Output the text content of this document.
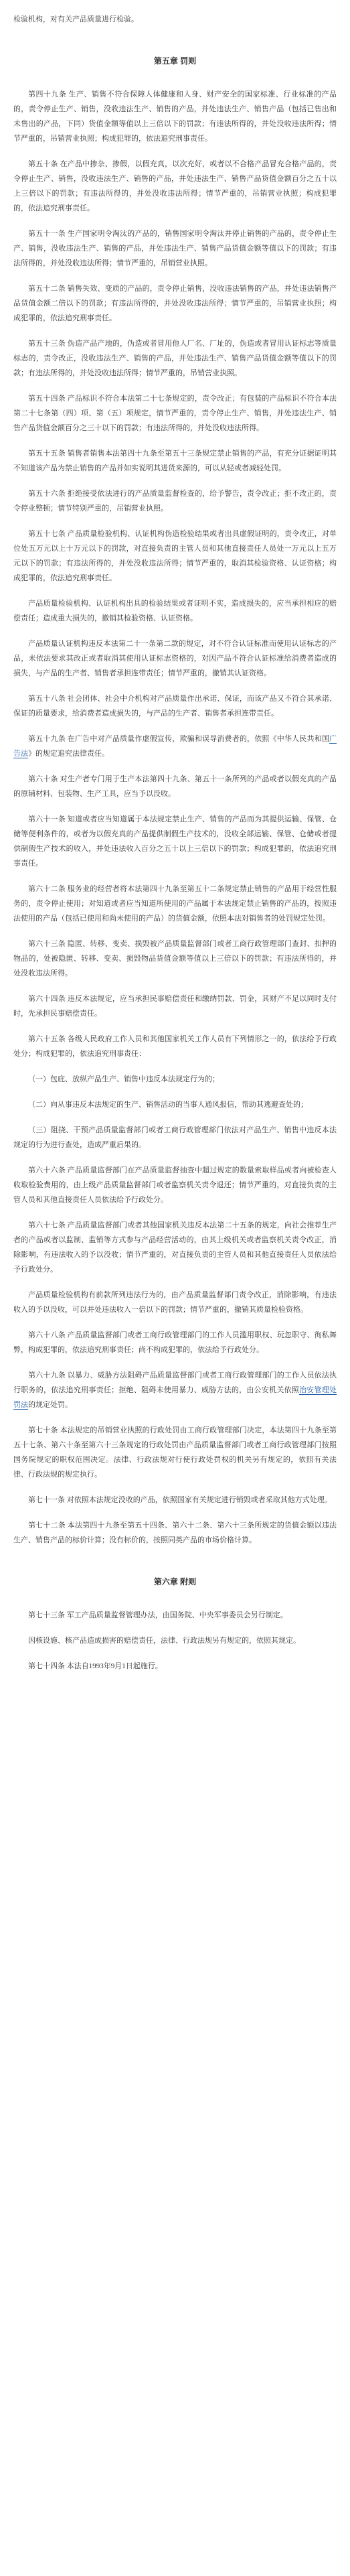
检验机构，对有关产品质量进行检验。

第五章 罚则

第四十九条 生产、销售不符合保障人体健康和人身、财产安全的国家标准、行业标准的产品的，责令停止生产、销售，没收违法生产、销售的产品，并处违法生产、销售产品（包括已售出和未售出的产品，下同）货值金额等值以上三倍以下的罚款；有违法所得的，并处没收违法所得；情节严重的，吊销营业执照；构成犯罪的，依法追究刑事责任。

第五十条 在产品中掺杂、掺假，以假充真，以次充好，或者以不合格产品冒充合格产品的，责令停止生产、销售，没收违法生产、销售的产品，并处违法生产、销售产品货值金额百分之五十以上三倍以下的罚款；有违法所得的，并处没收违法所得；情节严重的，吊销营业执照；构成犯罪的，依法追究刑事责任。

第五十一条 生产国家明令淘汰的产品的，销售国家明令淘汰并停止销售的产品的，责令停止生产、销售，没收违法生产、销售的产品，并处违法生产、销售产品货值金额等值以下的罚款；有违法所得的，并处没收违法所得；情节严重的，吊销营业执照。

第五十二条 销售失效、变质的产品的，责令停止销售，没收违法销售的产品，并处违法销售产品货值金额二倍以下的罚款；有违法所得的，并处没收违法所得；情节严重的，吊销营业执照；构成犯罪的，依法追究刑事责任。

第五十三条 伪造产品产地的，伪造或者冒用他人厂名、厂址的，伪造或者冒用认证标志等质量标志的，责令改正，没收违法生产、销售的产品，并处违法生产、销售产品货值金额等值以下的罚款；有违法所得的，并处没收违法所得；情节严重的，吊销营业执照。

第五十四条 产品标识不符合本法第二十七条规定的，责令改正；有包装的产品标识不符合本法第二十七条第（四）项、第（五）项规定，情节严重的，责令停止生产、销售，并处违法生产、销售产品货值金额百分之三十以下的罚款；有违法所得的，并处没收违法所得。

第五十五条 销售者销售本法第四十九条至第五十三条规定禁止销售的产品，有充分证据证明其不知道该产品为禁止销售的产品并如实说明其进货来源的，可以从轻或者减轻处罚。

第五十六条 拒绝接受依法进行的产品质量监督检查的，给予警告，责令改正；拒不改正的，责令停业整顿；情节特别严重的，吊销营业执照。

第五十七条 产品质量检验机构、认证机构伪造检验结果或者出具虚假证明的，责令改正，对单位处五万元以上十万元以下的罚款，对直接负责的主管人员和其他直接责任人员处一万元以上五万元以下的罚款；有违法所得的，并处没收违法所得；情节严重的，取消其检验资格、认证资格；构成犯罪的，依法追究刑事责任。

产品质量检验机构、认证机构出具的检验结果或者证明不实，造成损失的，应当承担相应的赔偿责任；造成重大损失的，撤销其检验资格、认证资格。

产品质量认证机构违反本法第二十一条第二款的规定，对不符合认证标准而使用认证标志的产品，未依法要求其改正或者取消其使用认证标志资格的，对因产品不符合认证标准给消费者造成的损失，与产品的生产者、销售者承担连带责任；情节严重的，撤销其认证资格。

第五十八条 社会团体、社会中介机构对产品质量作出承诺、保证，而该产品又不符合其承诺、保证的质量要求，给消费者造成损失的，与产品的生产者、销售者承担连带责任。

第五十九条 在广告中对产品质量作虚假宣传，欺骗和误导消费者的，依照《中华人民共和国广告法》的规定追究法律责任。

第六十条 对生产者专门用于生产本法第四十九条、第五十一条所列的产品或者以假充真的产品的原辅材料、包装物、生产工具，应当予以没收。

第六十一条 知道或者应当知道属于本法规定禁止生产、销售的产品而为其提供运输、保管、仓储等便利条件的，或者为以假充真的产品提供制假生产技术的，没收全部运输、保管、仓储或者提供制假生产技术的收入，并处违法收入百分之五十以上三倍以下的罚款；构成犯罪的，依法追究刑事责任。

第六十二条 服务业的经营者将本法第四十九条至第五十二条规定禁止销售的产品用于经营性服务的，责令停止使用；对知道或者应当知道所使用的产品属于本法规定禁止销售的产品的，按照违法使用的产品（包括已使用和尚未使用的产品）的货值金额，依照本法对销售者的处罚规定处罚。

第六十三条 隐匿、转移、变卖、损毁被产品质量监督部门或者工商行政管理部门查封、扣押的物品的，处被隐匿、转移、变卖、损毁物品货值金额等值以上三倍以下的罚款；有违法所得的，并处没收违法所得。

第六十四条 违反本法规定，应当承担民事赔偿责任和缴纳罚款、罚金，其财产不足以同时支付时，先承担民事赔偿责任。

第六十五条 各级人民政府工作人员和其他国家机关工作人员有下列情形之一的，依法给予行政处分；构成犯罪的，依法追究刑事责任：

（一）包庇、放纵产品生产、销售中违反本法规定行为的；

（二）向从事违反本法规定的生产、销售活动的当事人通风报信，帮助其逃避查处的；

（三）阻挠、干预产品质量监督部门或者工商行政管理部门依法对产品生产、销售中违反本法规定的行为进行查处，造成严重后果的。

第六十六条 产品质量监督部门在产品质量监督抽查中超过规定的数量索取样品或者向被检查人收取检验费用的，由上级产品质量监督部门或者监察机关责令退还；情节严重的，对直接负责的主管人员和其他直接责任人员依法给予行政处分。

第六十七条 产品质量监督部门或者其他国家机关违反本法第二十五条的规定，向社会推荐生产者的产品或者以监制、监销等方式参与产品经营活动的，由其上级机关或者监察机关责令改正，消除影响，有违法收入的予以没收；情节严重的，对直接负责的主管人员和其他直接责任人员依法给予行政处分。

产品质量检验机构有前款所列违法行为的，由产品质量监督部门责令改正，消除影响，有违法收入的予以没收，可以并处违法收入一倍以下的罚款；情节严重的，撤销其质量检验资格。

第六十八条 产品质量监督部门或者工商行政管理部门的工作人员滥用职权、玩忽职守、徇私舞弊，构成犯罪的，依法追究刑事责任；尚不构成犯罪的，依法给予行政处分。

第六十九条 以暴力、威胁方法阻碍产品质量监督部门或者工商行政管理部门的工作人员依法执行职务的，依法追究刑事责任；拒绝、阻碍未使用暴力、威胁方法的，由公安机关依照治安管理处罚法的规定处罚。

第七十条 本法规定的吊销营业执照的行政处罚由工商行政管理部门决定，本法第四十九条至第五十七条、第六十条至第六十三条规定的行政处罚由产品质量监督部门或者工商行政管理部门按照国务院规定的职权范围决定。法律、行政法规对行使行政处罚权的机关另有规定的，依照有关法律、行政法规的规定执行。

第七十一条 对依照本法规定没收的产品，依照国家有关规定进行销毁或者采取其他方式处理。

第七十二条 本法第四十九条至第五十四条、第六十二条、第六十三条所规定的货值金额以违法生产、销售产品的标价计算；没有标价的，按照同类产品的市场价格计算。

第六章 附则

第七十三条 军工产品质量监督管理办法，由国务院、中央军事委员会另行制定。

因核设施、核产品造成损害的赔偿责任，法律、行政法规另有规定的，依照其规定。

第七十四条 本法自1993年9月1日起施行。
